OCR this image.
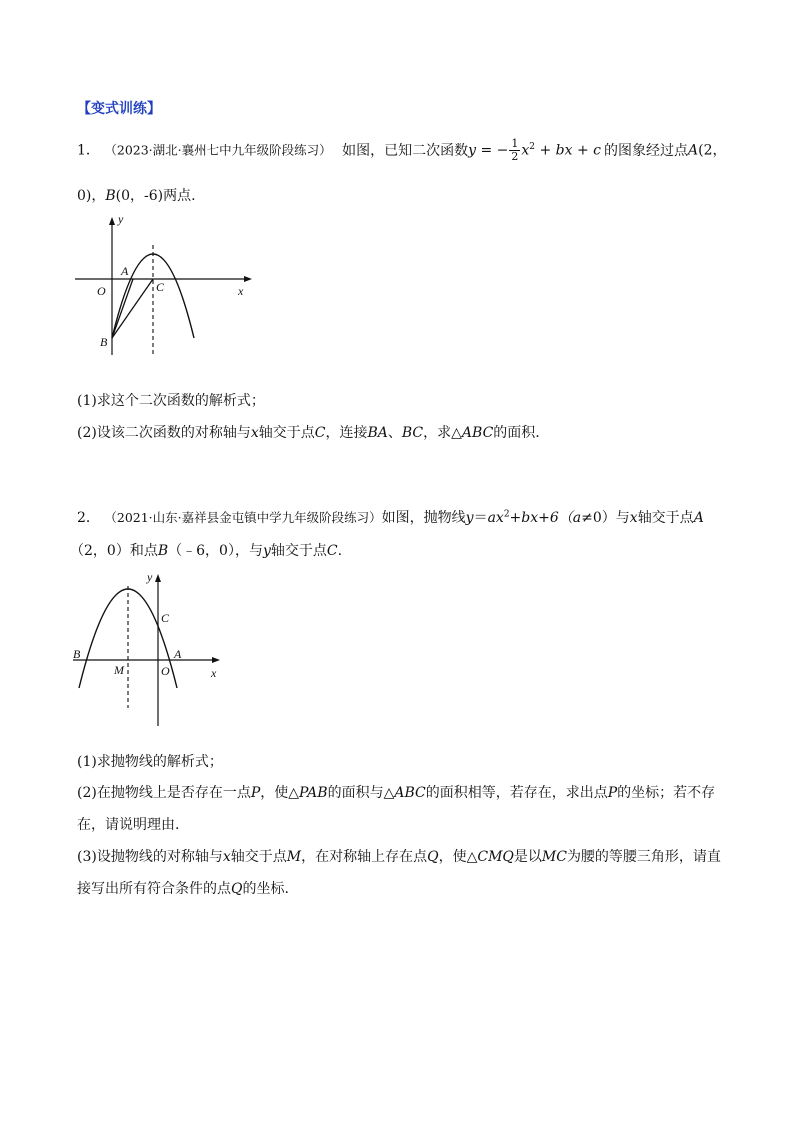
【变式训练】
1． （2023·湖北·襄州七中九年级阶段练习） 如图，已知二次函数y = − $\frac{1}{2} x^2$ + bx + c 的图象经过点A(2，
0)，B(0，-6)两点.
y
x
O
A
C
B
(1)求这个二次函数的解析式；
(2)设该二次函数的对称轴与x轴交于点C，连接BA、BC，求△ABC的面积.
2． （2021·山东·嘉祥县金屯镇中学九年级阶段练习）如图，抛物线$y=ax^2+bx+6(a\ne 0)$与x轴交于点A
（2，0）和点B（﹣6，0），与y轴交于点C.
y
x
C
B	A
M	O
(1)求抛物线的解析式；
(2)在抛物线上是否存在一点P，使△PAB的面积与△ABC的面积相等，若存在，求出点P的坐标；若不存
在，请说明理由.
(3)设抛物线的对称轴与x轴交于点M，在对称轴上存在点Q，使△CMQ是以MC为腰的等腰三角形，请直
接写出所有符合条件的点Q的坐标.
